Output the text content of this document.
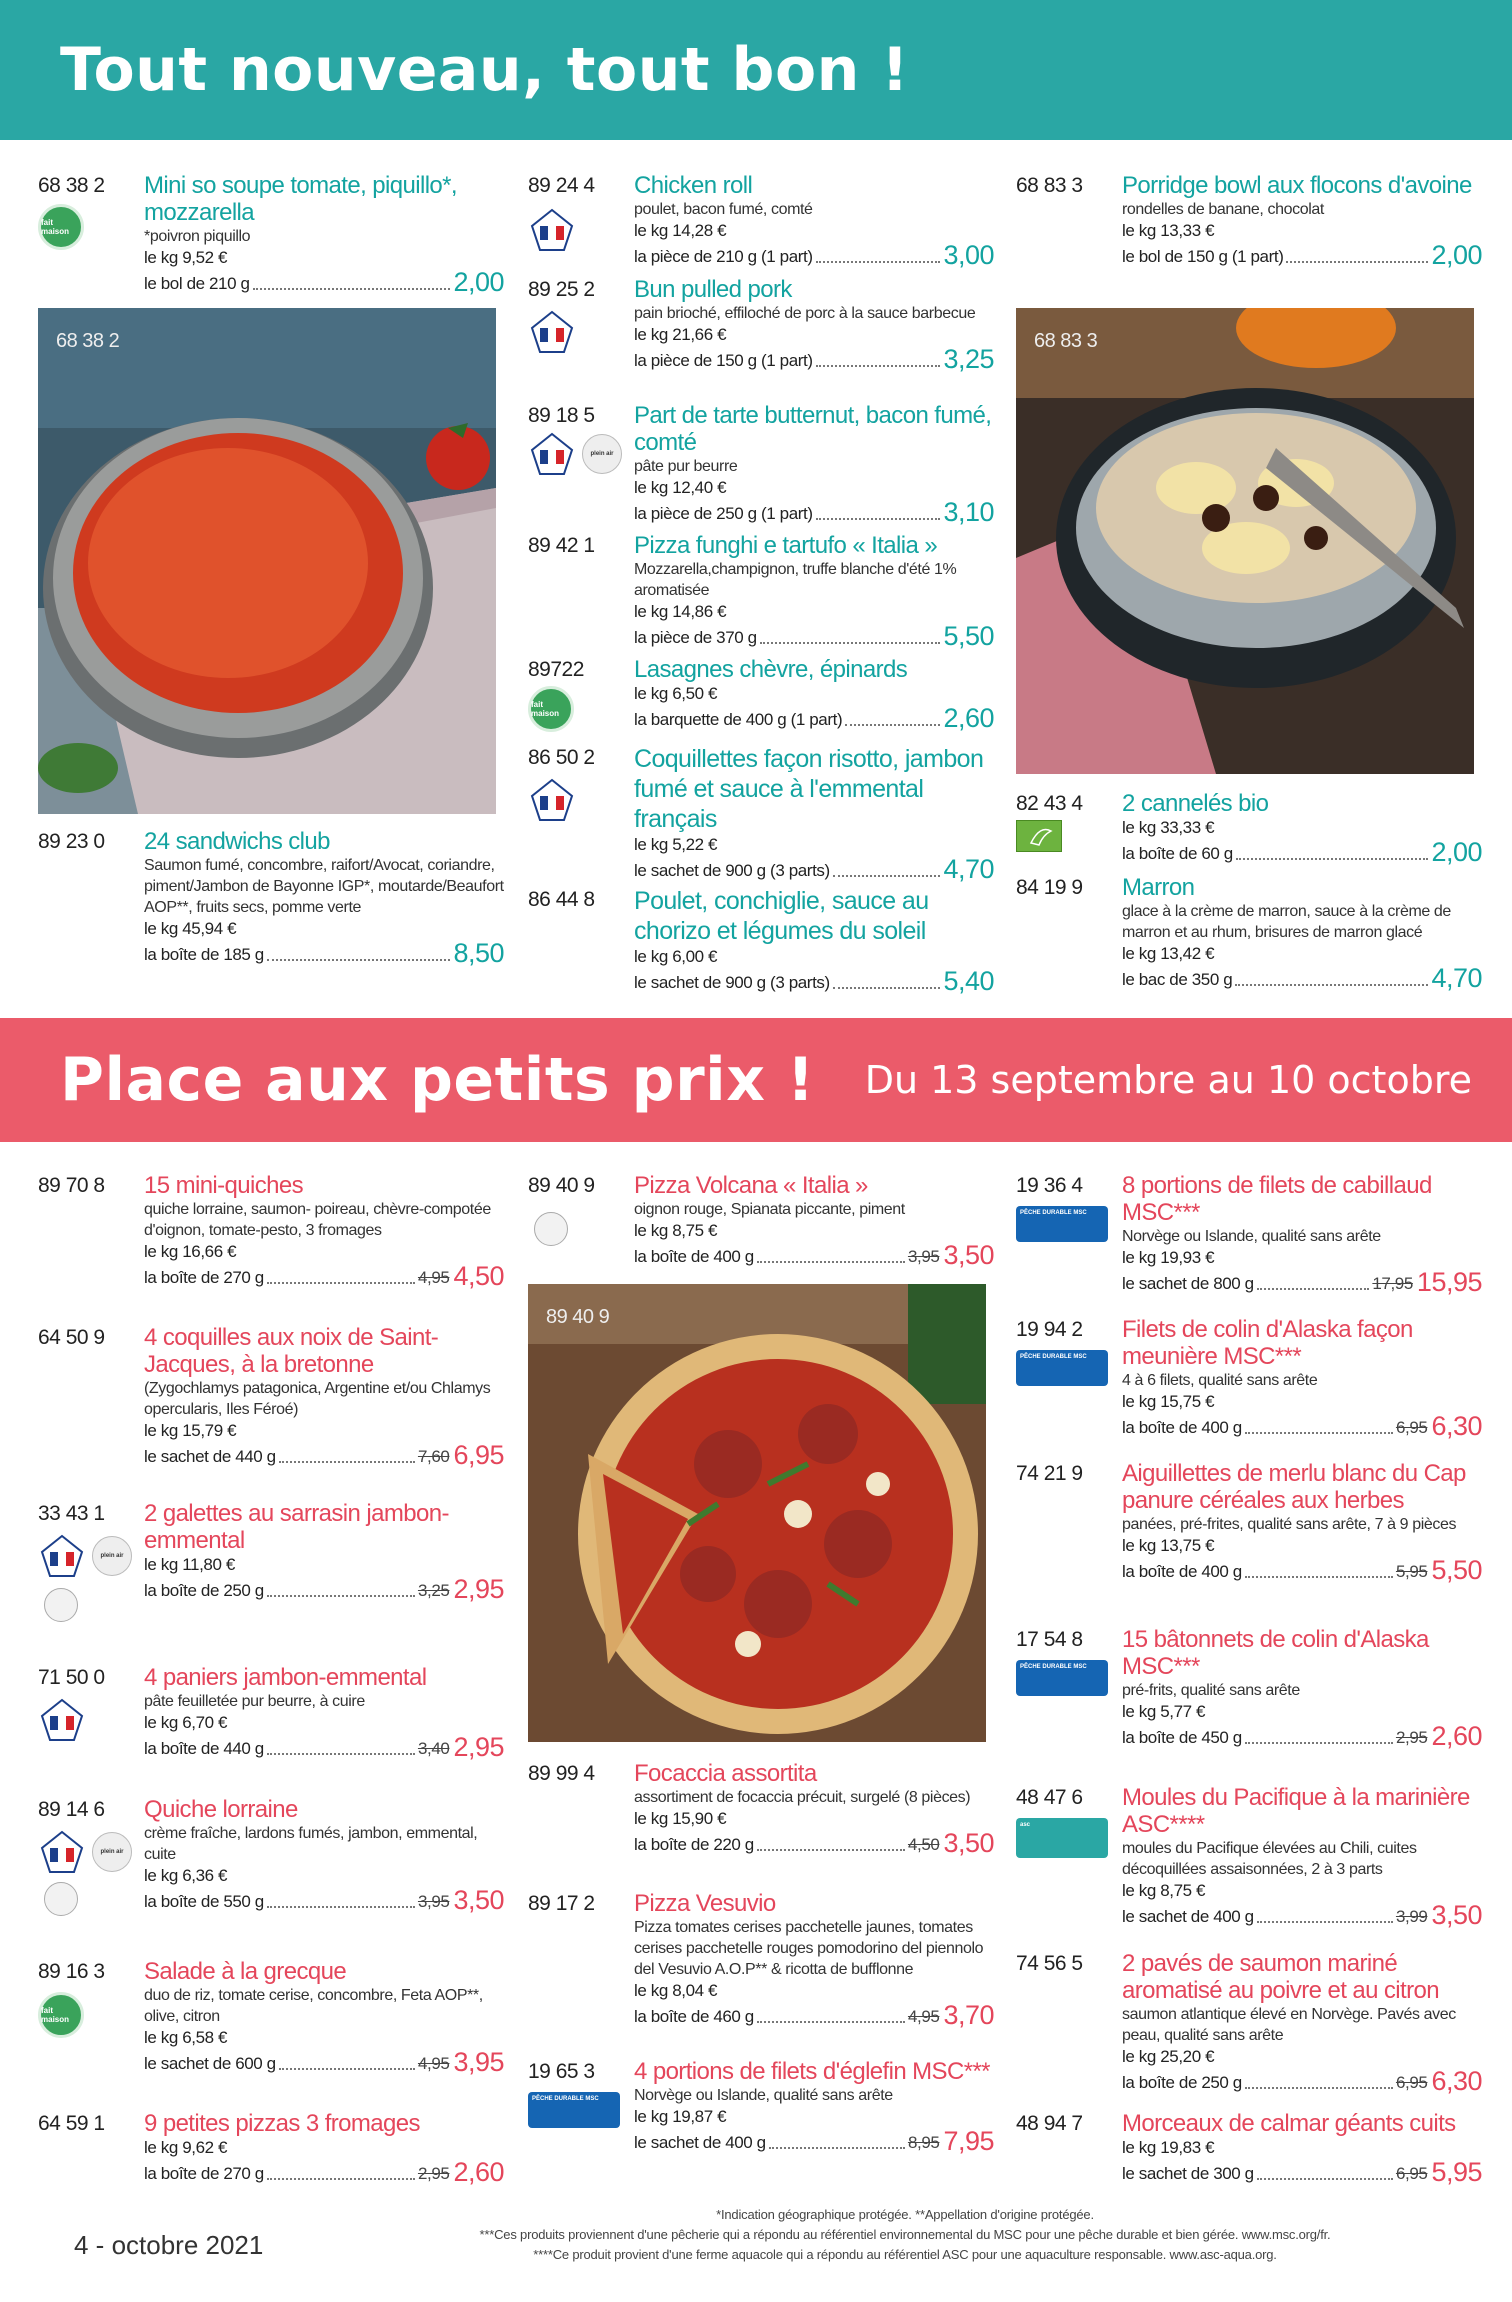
Tout nouveau, tout bon !
68 38 2
fait maison
Mini so soupe tomate, piquillo*, mozzarella
*poivron piquillo
le kg 9,52 €
le bol de 210 g	2,00
68 38 2
89 23 0 24 sandwichs club
Saumon fumé, concombre, raifort/Avocat, coriandre, piment/Jambon de Bayonne IGP*, moutarde/Beaufort AOP**, fruits secs, pomme verte
le kg 45,94 €
la boîte de 185 g	8,50
89 24 4 Chicken roll
poulet, bacon fumé, comté
le kg 14,28 €
la pièce de 210 g (1 part)	3,00
89 25 2 Bun pulled pork
pain brioché, effiloché de porc à la sauce barbecue
le kg 21,66 €
la pièce de 150 g (1 part)	3,25
89 18 5
plein air
Part de tarte butternut, bacon fumé, comté
pâte pur beurre
le kg 12,40 €
la pièce de 250 g (1 part)	3,10
89 42 1 Pizza funghi e tartufo « Italia »
Mozzarella,champignon, truffe blanche d'été 1% aromatisée
le kg 14,86 €
la pièce de 370 g	5,50
89722
fait maison
Lasagnes chèvre, épinards
le kg 6,50 €
la barquette de 400 g (1 part)	2,60
86 50 2 Coquillettes façon risotto, jambon fumé et sauce à l'emmental français
le kg 5,22 €
le sachet de 900 g (3 parts)	4,70
86 44 8 Poulet, conchiglie, sauce au chorizo et légumes du soleil
le kg 6,00 €
le sachet de 900 g (3 parts)	5,40
68 83 3 Porridge bowl aux flocons d'avoine
rondelles de banane, chocolat
le kg 13,33 €
le bol de 150 g (1 part)	2,00
68 83 3
82 43 4 2 cannelés bio
le kg 33,33 €
la boîte de 60 g	2,00
84 19 9 Marron
glace à la crème de marron, sauce à la crème de marron et au rhum, brisures de marron glacé
le kg 13,42 €
le bac de 350 g	4,70
Place aux petits prix ! Du 13 septembre au 10 octobre
89 70 8 15 mini-quiches
quiche lorraine, saumon- poireau, chèvre-compotée d'oignon, tomate-pesto, 3 fromages
le kg 16,66 €
la boîte de 270 g	4,95 4,50
64 50 9 4 coquilles aux noix de Saint-Jacques, à la bretonne
(Zygochlamys patagonica, Argentine et/ou Chlamys opercularis, Iles Féroé)
le kg 15,79 €
le sachet de 440 g	7,60 6,95
33 43 1
plein air
2 galettes au sarrasin jambon-emmental
le kg 11,80 €
la boîte de 250 g	3,25 2,95
71 50 0 4 paniers jambon-emmental
pâte feuilletée pur beurre, à cuire
le kg 6,70 €
la boîte de 440 g	3,40 2,95
89 14 6
plein air
Quiche lorraine
crème fraîche, lardons fumés, jambon, emmental, cuite
le kg 6,36 €
la boîte de 550 g	3,95 3,50
89 16 3
fait maison
Salade à la grecque
duo de riz, tomate cerise, concombre, Feta AOP**, olive, citron
le kg 6,58 €
le sachet de 600 g	4,95 3,95
64 59 1 9 petites pizzas 3 fromages
le kg 9,62 €
la boîte de 270 g	2,95 2,60
89 40 9 Pizza Volcana « Italia »
oignon rouge, Spianata piccante, piment
le kg 8,75 €
la boîte de 400 g	3,95 3,50
89 40 9
89 99 4 Focaccia assortita
assortiment de focaccia précuit, surgelé (8 pièces)
le kg 15,90 €
la boîte de 220 g	4,50 3,50
89 17 2 Pizza Vesuvio
Pizza tomates cerises pacchetelle jaunes, tomates cerises pacchetelle rouges pomodorino del piennolo del Vesuvio A.O.P** & ricotta de bufflonne
le kg 8,04 €
la boîte de 460 g	4,95 3,70
19 65 3
PÊCHE DURABLE MSC
4 portions de filets d'églefin MSC***
Norvège ou Islande, qualité sans arête
le kg 19,87 €
le sachet de 400 g	8,95 7,95
19 36 4
PÊCHE DURABLE MSC
8 portions de filets de cabillaud MSC***
Norvège ou Islande, qualité sans arête
le kg 19,93 €
le sachet de 800 g	17,95 15,95
19 94 2
PÊCHE DURABLE MSC
Filets de colin d'Alaska façon meunière MSC***
4 à 6 filets, qualité sans arête
le kg 15,75 €
la boîte de 400 g	6,95 6,30
74 21 9 Aiguillettes de merlu blanc du Cap panure céréales aux herbes
panées, pré-frites, qualité sans arête, 7 à 9 pièces
le kg 13,75 €
la boîte de 400 g	5,95 5,50
17 54 8
PÊCHE DURABLE MSC
15 bâtonnets de colin d'Alaska MSC***
pré-frits, qualité sans arête
le kg 5,77 €
la boîte de 450 g	2,95 2,60
48 47 6
asc
Moules du Pacifique à la marinière ASC****
moules du Pacifique élevées au Chili, cuites décoquillées assaisonnées, 2 à 3 parts
le kg 8,75 €
le sachet de 400 g	3,99 3,50
74 56 5 2 pavés de saumon mariné aromatisé au poivre et au citron
saumon atlantique élevé en Norvège. Pavés avec peau, qualité sans arête
le kg 25,20 €
la boîte de 250 g	6,95 6,30
48 94 7 Morceaux de calmar géants cuits
le kg 19,83 €
le sachet de 300 g	6,95 5,95
4 - octobre 2021
*Indication géographique protégée. **Appellation d'origine protégée.
***Ces produits proviennent d'une pêcherie qui a répondu au référentiel environnemental du MSC pour une pêche durable et bien gérée. www.msc.org/fr.
****Ce produit provient d'une ferme aquacole qui a répondu au référentiel ASC pour une aquaculture responsable. www.asc-aqua.org.
